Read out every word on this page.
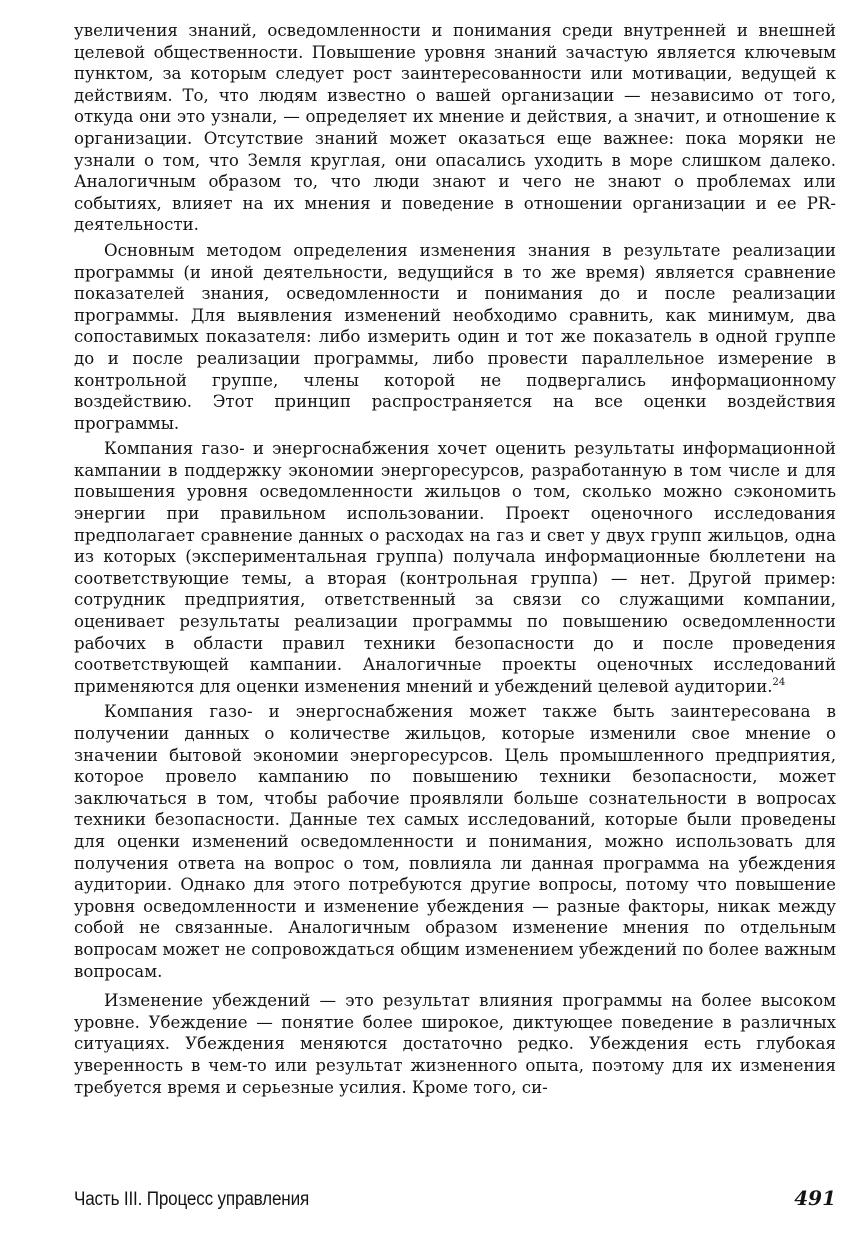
увеличения знаний, осведомленности и понимания среди внутренней и внешней целевой общественности. Повышение уровня знаний зачастую является ключевым пунктом, за которым следует рост заинтересованности или мотивации, ведущей к действиям. То, что людям известно о вашей организации — независимо от того, откуда они это узнали, — определяет их мнение и действия, а значит, и отношение к организации. Отсутствие знаний может оказаться еще важнее: пока моряки не узнали о том, что Земля круглая, они опасались уходить в море слишком далеко. Аналогичным образом то, что люди знают и чего не знают о проблемах или событиях, влияет на их мнения и поведение в отношении организации и ее PR-деятельности.

Основным методом определения изменения знания в результате реализации программы (и иной деятельности, ведущийся в то же время) является сравнение показателей знания, осведомленности и понимания до и после реализации программы. Для выявления изменений необходимо сравнить, как минимум, два сопоставимых показателя: либо измерить один и тот же показатель в одной группе до и после реализации программы, либо провести параллельное измерение в контрольной группе, члены которой не подвергались информационному воздействию. Этот принцип распространяется на все оценки воздействия программы.

Компания газо- и энергоснабжения хочет оценить результаты информационной кампании в поддержку экономии энергоресурсов, разработанную в том числе и для повышения уровня осведомленности жильцов о том, сколько можно сэкономить энергии при правильном использовании. Проект оценочного исследования предполагает сравнение данных о расходах на газ и свет у двух групп жильцов, одна из которых (экспериментальная группа) получала информационные бюллетени на соответствующие темы, а вторая (контрольная группа) — нет. Другой пример: сотрудник предприятия, ответственный за связи со служащими компании, оценивает результаты реализации программы по повышению осведомленности рабочих в области правил техники безопасности до и после проведения соответствующей кампании. Аналогичные проекты оценочных исследований применяются для оценки изменения мнений и убеждений целевой аудитории.$^{24}$

Компания газо- и энергоснабжения может также быть заинтересована в получении данных о количестве жильцов, которые изменили свое мнение о значении бытовой экономии энергоресурсов. Цель промышленного предприятия, которое провело кампанию по повышению техники безопасности, может заключаться в том, чтобы рабочие проявляли больше сознательности в вопросах техники безопасности. Данные тех самых исследований, которые были проведены для оценки изменений осведомленности и понимания, можно использовать для получения ответа на вопрос о том, повлияла ли данная программа на убеждения аудитории. Однако для этого потребуются другие вопросы, потому что повышение уровня осведомленности и изменение убеждения — разные факторы, никак между собой не связанные. Аналогичным образом изменение мнения по отдельным вопросам может не сопровождаться общим изменением убеждений по более важным вопросам.

Изменение убеждений — это результат влияния программы на более высоком уровне. Убеждение — понятие более широкое, диктующее поведение в различных ситуациях. Убеждения меняются достаточно редко. Убеждения есть глубокая уверенность в чем-то или результат жизненного опыта, поэтому для их изменения требуется время и серьезные усилия. Кроме того, си-

Часть III. Процесс управления	491
